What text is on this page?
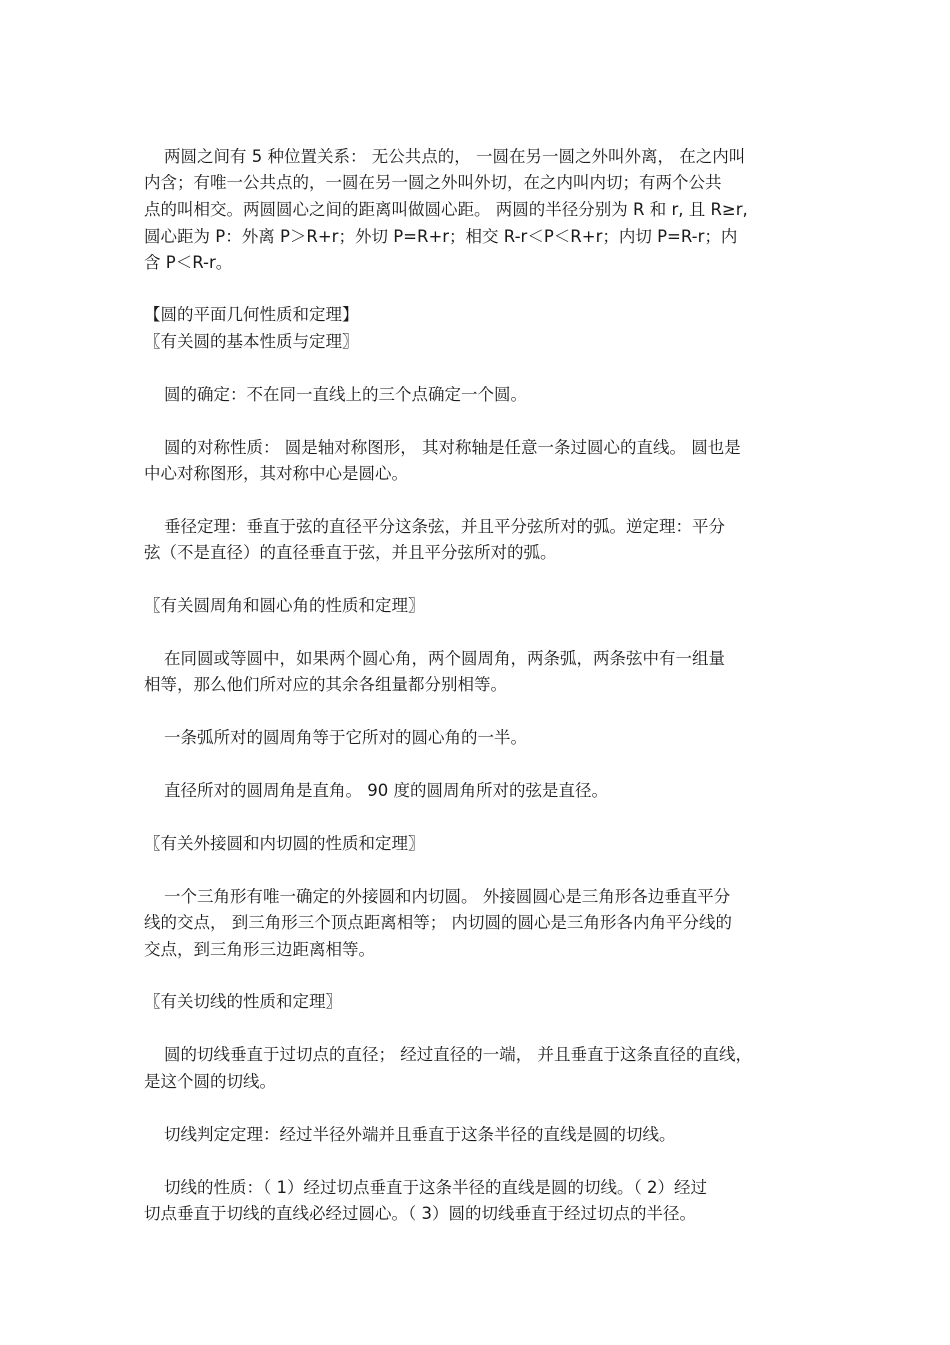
两圆之间有 5 种位置关系： 无公共点的， 一圆在另一圆之外叫外离， 在之内叫
内含；有唯一公共点的，一圆在另一圆之外叫外切，在之内叫内切；有两个公共
点的叫相交。两圆圆心之间的距离叫做圆心距。 两圆的半径分别为 R 和 r, 且 R≥r,
圆心距为 P：外离 P＞R+r；外切 P=R+r；相交 R-r＜P＜R+r；内切 P=R-r；内
含 P＜R-r。
【圆的平面几何性质和定理】
〖有关圆的基本性质与定理〗
圆的确定：不在同一直线上的三个点确定一个圆。
圆的对称性质： 圆是轴对称图形， 其对称轴是任意一条过圆心的直线。 圆也是
中心对称图形，其对称中心是圆心。
垂径定理：垂直于弦的直径平分这条弦，并且平分弦所对的弧。逆定理：平分
弦（不是直径）的直径垂直于弦，并且平分弦所对的弧。
〖有关圆周角和圆心角的性质和定理〗
在同圆或等圆中，如果两个圆心角，两个圆周角，两条弧，两条弦中有一组量
相等，那么他们所对应的其余各组量都分别相等。
一条弧所对的圆周角等于它所对的圆心角的一半。
直径所对的圆周角是直角。 90 度的圆周角所对的弦是直径。
〖有关外接圆和内切圆的性质和定理〗
一个三角形有唯一确定的外接圆和内切圆。 外接圆圆心是三角形各边垂直平分
线的交点， 到三角形三个顶点距离相等； 内切圆的圆心是三角形各内角平分线的
交点，到三角形三边距离相等。
〖有关切线的性质和定理〗
圆的切线垂直于过切点的直径； 经过直径的一端， 并且垂直于这条直径的直线，
是这个圆的切线。
切线判定定理：经过半径外端并且垂直于这条半径的直线是圆的切线。
切线的性质：（ 1）经过切点垂直于这条半径的直线是圆的切线。（ 2）经过
切点垂直于切线的直线必经过圆心。（ 3）圆的切线垂直于经过切点的半径。
